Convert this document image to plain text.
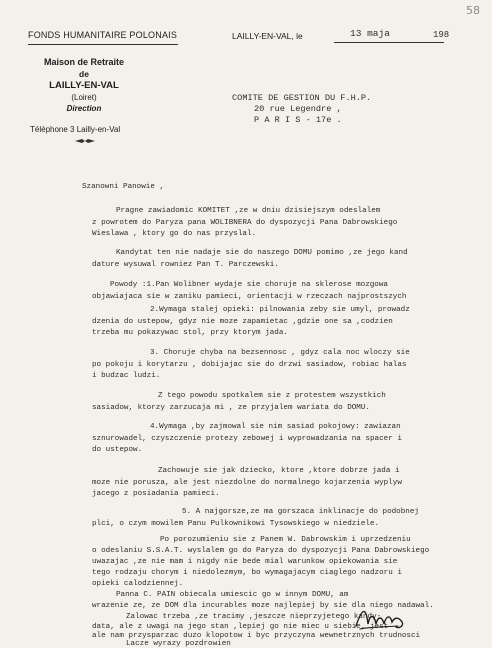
58
FONDS HUMANITAIRE POLONAIS	LAILLY-EN-VAL, le	13 maja	198
Maison de Retraite
de
LAILLY-EN-VAL
(Loiret)
Direction
Téléphone 3 Lailly-en-Val
COMITE DE GESTION DU F.H.P.
20 rue Legendre ,
P A R I S - 17e .
Szanowni Panowie ,
Pragne zawiadomic KOMITET ,ze w dniu dzisiejszym odeslalem
z powrotem do Paryza pana WOLIBNERA do dyspozycji Pana Dabrowskiego
Wieslawa , ktory go do nas przyslal.
Kandytat ten nie nadaje sie do naszego DOMU pomimo ,ze jego kand
dature wysuwal rowniez Pan T. Parczewski.
Powody :1.Pan Wolibner wydaje sie choruje na sklerose mozgowa
objawiajaca sie w zaniku pamieci, orientacji w rzeczach najprostszych
2.Wymaga stalej opieki: pilnowania zeby sie umyl, prowadz
dzenia do ustepow, gdyz nie moze zapamietac ,gdzie one sa ,codzien
trzeba mu pokazywac stol, przy ktorym jada.
3. Choruje chyba na bezsennosc , gdyz cala noc wloczy sie
po pokoju i korytarzu , dobijajac sie do drzwi sasiadow, robiac halas
i budzac ludzi.
Z tego powodu spotkalem sie z protestem wszystkich
sasiadow, ktorzy zarzucaja mi , ze przyjalem wariata do DOMU.
4.Wymaga ,by zajmowal sie nim sasiad pokojowy: zawiazan
sznurowadel, czyszczenie protezy zebowej i wyprowadzania na spacer i
do ustepow.
Zachowuje sie jak dziecko, ktore ,ktore dobrze jada i
moze nie porusza, ale jest niezdolne do normalnego kojarzenia wyplyw
jacego z posiadania pamieci.
5. A najgorsze,ze ma gorszaca inklinacje do podobnej
plci, o czym mowilem Panu Pulkownikowi Tysowskiego w niedziele.
Po porozumieniu sie z Panem W. Dabrowskim i uprzedzeniu
o odeslaniu S.S.A.T. wyslalem go do Paryza do dyspozycji Pana Dabrowskiego
uwazajac ,ze nie mam i nigdy nie bede mial warunkow opiekowania sie
tego rodzaju chorym i niedolezmym, bo wymagajacym ciaglego nadzoru i
opieki calodziennej.
Panna C. PAIN obiecala umiescic go w innym DOMU, am
wrazenie ze, ze DOM dla incurables moze najlepiej by sie dla niego nadawal.
Zalowac trzeba ,ze tracimy ,jeszcze nieprzyjetego kandy-
data, ale z uwagi na jego stan ,lepiej go nie miec u siebie, jest
ale nam przysparzac duzo klopotow i byc przyczyna wewnetrznych trudnosci
Lacze wyrazy pozdrowien
